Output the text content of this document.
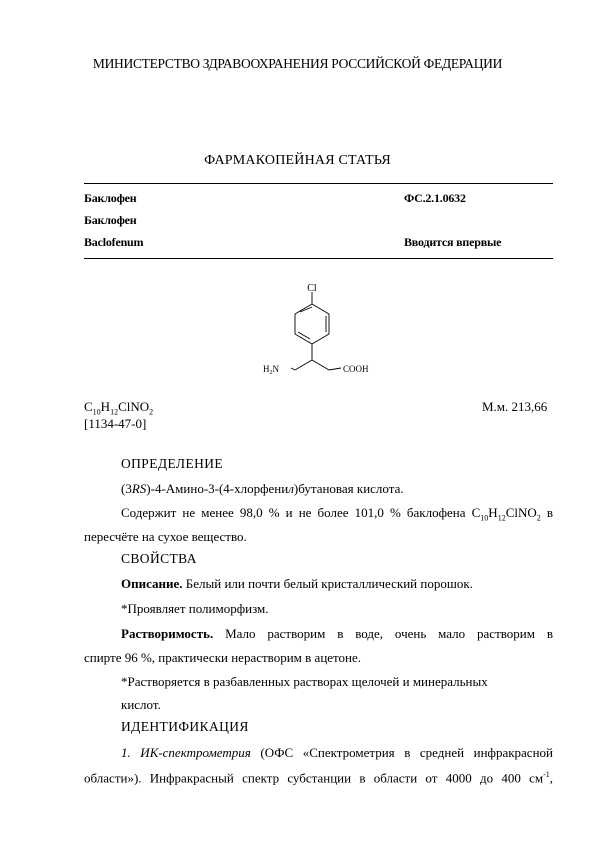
МИНИСТЕРСТВО ЗДРАВООХРАНЕНИЯ РОССИЙСКОЙ ФЕДЕРАЦИИ
ФАРМАКОПЕЙНАЯ СТАТЬЯ
Баклофен	ФС.2.1.0632
Баклофен
Baclofenum	Вводится впервые
Cl
$H_2N$	COOH
$C_{10}H_{12}ClNO_2$	М.м. 213,66
[1134-47-0]
ОПРЕДЕЛЕНИЕ
(3RS)-4-Амино-3-(4-хлорфенил)бутановая кислота.
Содержит не менее 98,0 % и не более 101,0 % баклофена $C_{10}H_{12}ClNO_2$ в
пересчёте на сухое вещество.
СВОЙСТВА
Описание. Белый или почти белый кристаллический порошок.
*Проявляет полиморфизм.
Растворимость. Мало растворим в воде, очень мало растворим в
спирте 96 %, практически нерастворим в ацетоне.
*Растворяется в разбавленных растворах щелочей и минеральных
кислот.
ИДЕНТИФИКАЦИЯ
1. ИК-спектрометрия (ОФС «Спектрометрия в средней инфракрасной
области»). Инфракрасный спектр субстанции в области от 4000 до 400 $см^{-1}$,
